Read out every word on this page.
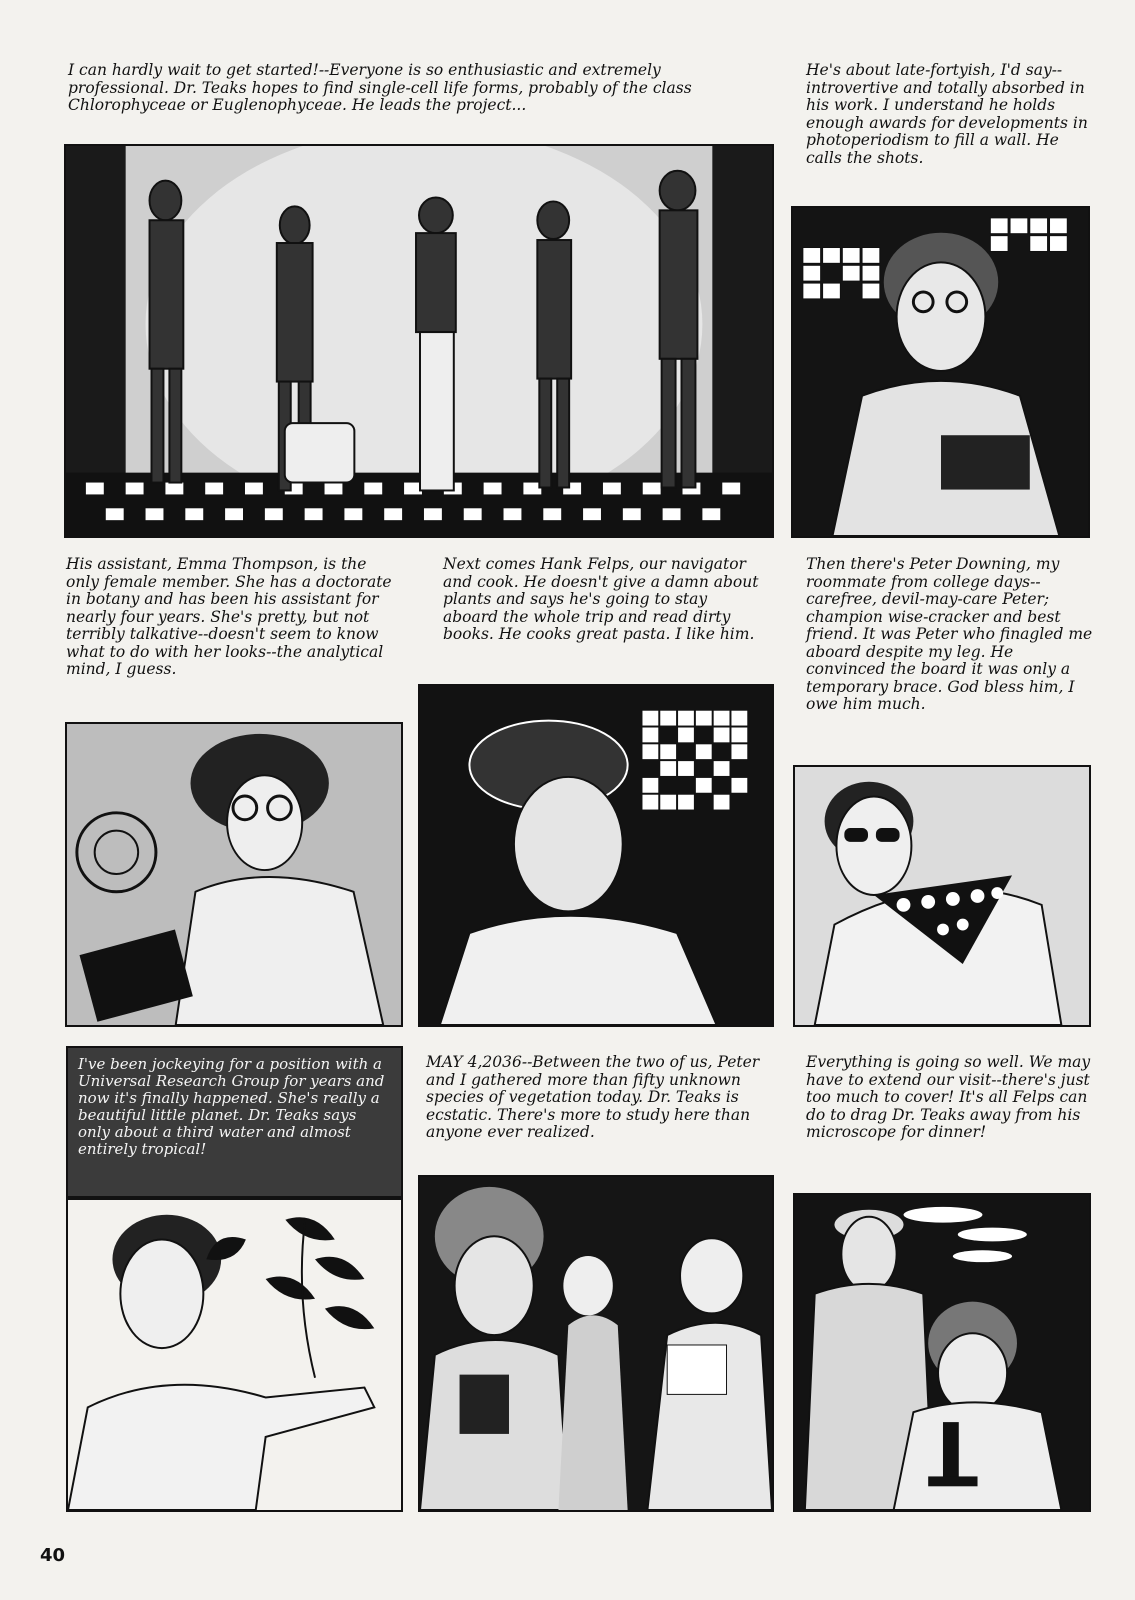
I can hardly wait to get started!--Everyone is so enthusiastic and extremely professional. Dr. Teaks hopes to find single-cell life forms, probably of the class Chlorophyceae or Euglenophyceae. He leads the project...

He's about late-fortyish, I'd say--introvertive and totally absorbed in his work. I understand he holds enough awards for developments in photoperiodism to fill a wall. He calls the shots.

His assistant, Emma Thompson, is the only female member. She has a doctorate in botany and has been his assistant for nearly four years. She's pretty, but not terribly talkative--doesn't seem to know what to do with her looks--the analytical mind, I guess.

Next comes Hank Felps, our navigator and cook. He doesn't give a damn about plants and says he's going to stay aboard the whole trip and read dirty books. He cooks great pasta. I like him.

Then there's Peter Downing, my roommate from college days--carefree, devil-may-care Peter; champion wise-cracker and best friend. It was Peter who finagled me aboard despite my leg. He convinced the board it was only a temporary brace. God bless him, I owe him much.

I've been jockeying for a position with a Universal Research Group for years and now it's finally happened. She's really a beautiful little planet. Dr. Teaks says only about a third water and almost entirely tropical!

MAY 4,2036--Between the two of us, Peter and I gathered more than fifty unknown species of vegetation today. Dr. Teaks is ecstatic. There's more to study here than anyone ever realized.

Everything is going so well. We may have to extend our visit--there's just too much to cover! It's all Felps can do to drag Dr. Teaks away from his microscope for dinner!

40
